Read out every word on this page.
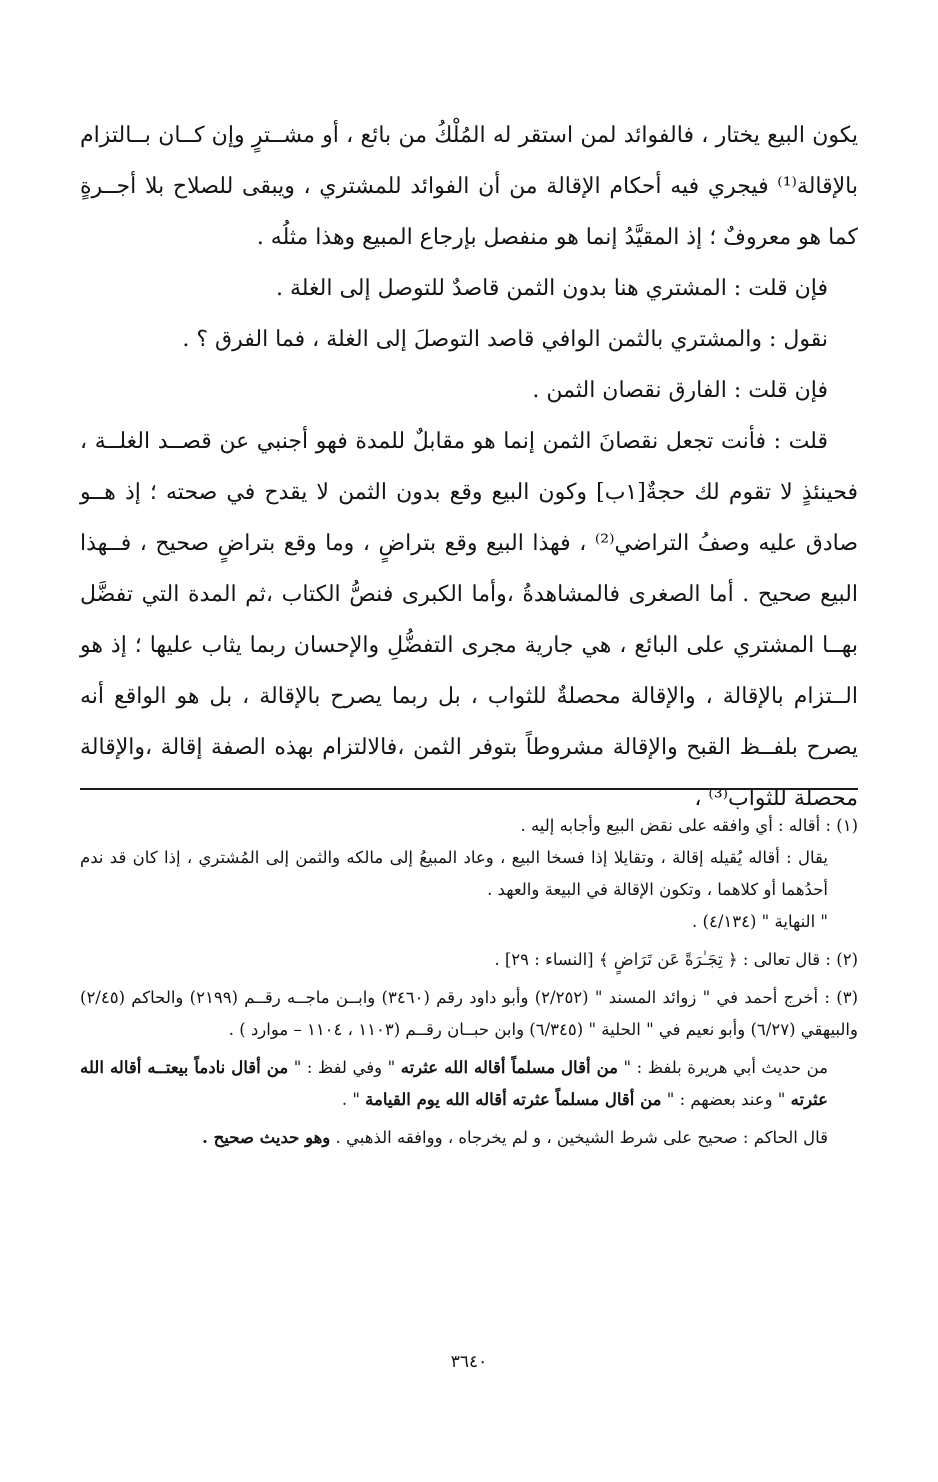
يكون البيع يختار ، فالفوائد لمن استقر له المُلْكُ من بائع ، أو مشــترٍ وإن كــان بــالتزام بالإقالة⁽¹⁾ فيجري فيه أحكام الإقالة من أن الفوائد للمشتري ، ويبقى للصلاح بلا أجــرةٍ كما هو معروفٌ ؛ إذ المقيَّدُ إنما هو منفصل بإرجاع المبيع وهذا مثلُه .

فإن قلت : المشتري هنا بدون الثمن قاصدٌ للتوصل إلى الغلة .

نقول : والمشتري بالثمن الوافي قاصد التوصلَ إلى الغلة ، فما الفرق ؟ .

فإن قلت : الفارق نقصان الثمن .

قلت : فأنت تجعل نقصانَ الثمن إنما هو مقابلٌ للمدة فهو أجنبي عن قصــد الغلــة ، فحينئذٍ لا تقوم لك حجةٌ[١ب] وكون البيع وقع بدون الثمن لا يقدح في صحته ؛ إذ هــو صادق عليه وصفُ التراضي⁽²⁾ ، فهذا البيع وقع بتراضٍ ، وما وقع بتراضٍ صحيح ، فــهذا البيع صحيح . أما الصغرى فالمشاهدةُ ،وأما الكبرى فنصُّ الكتاب ،ثم المدة التي تفضَّل بهــا المشتري على البائع ، هي جارية مجرى التفضُّلِ والإحسان ربما يثاب عليها ؛ إذ هو الــتزام بالإقالة ، والإقالة محصلةٌ للثواب ، بل ربما يصرح بالإقالة ، بل هو الواقع أنه يصرح بلفــظ القبح والإقالة مشروطاً بتوفر الثمن ،فالالتزام بهذه الصفة إقالة ،والإقالة محصلة للثواب⁽³⁾ ،

(١) : أقاله : أي وافقه على نقض البيع وأجابه إليه .

يقال : أقاله يُقيله إقالة ، وتقايلا إذا فسخا البيع ، وعاد المبيعُ إلى مالكه والثمن إلى المُشتري ، إذا كان قد ندم أحدُهما أو كلاهما ، وتكون الإقالة في البيعة والعهد .

" النهاية " (٤/١٣٤) .

(٢) : قال تعالى : ﴿ تِجَـٰرَةً عَن تَرَاضٍ ﴾ [النساء : ٢٩] .

(٣) : أخرج أحمد في " زوائد المسند " (٢/٢٥٢) وأبو داود رقم (٣٤٦٠) وابــن ماجــه رقــم (٢١٩٩) والحاكم (٢/٤٥) والبيهقي (٦/٢٧) وأبو نعيم في " الحلية " (٦/٣٤٥) وابن حبــان رقــم (١١٠٣ ، ١١٠٤ – موارد ) .

من حديث أبي هريرة بلفظ : " من أقال مسلماً أقاله الله عثرته " وفي لفظ : " من أقال نادماً بيعتــه أقاله الله عثرته " وعند بعضهم : " من أقال مسلماً عثرته أقاله الله يوم القيامة " .

قال الحاكم : صحيح على شرط الشيخين ، و لم يخرجاه ، ووافقه الذهبي . وهو حديث صحيح .

٣٦٤٠
